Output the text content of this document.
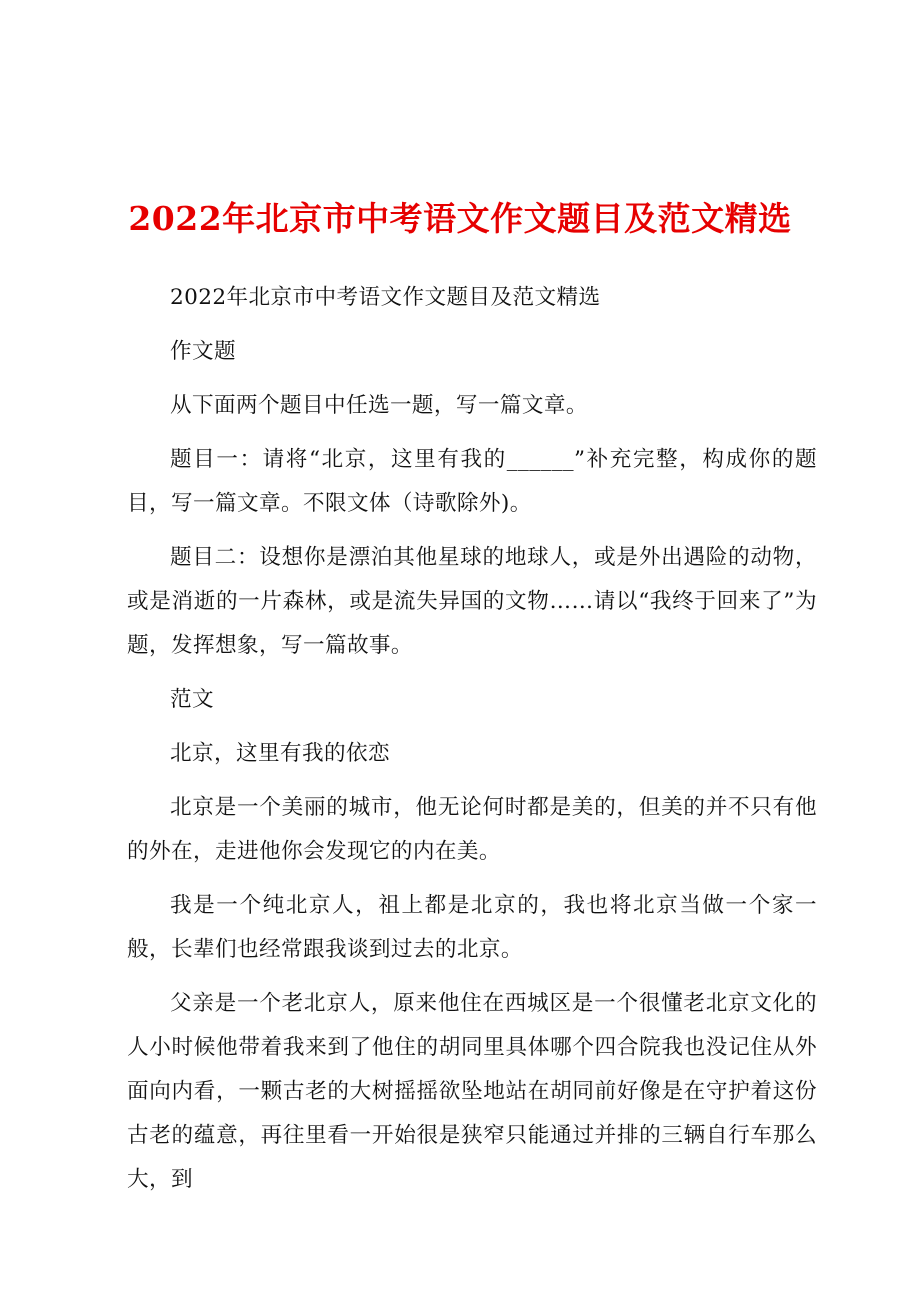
2022年北京市中考语文作文题目及范文精选

2022年北京市中考语文作文题目及范文精选

作文题

从下面两个题目中任选一题，写一篇文章。

题目一：请将“北京，这里有我的______”补充完整，构成你的题目，写一篇文章。不限文体（诗歌除外)。

题目二：设想你是漂泊其他星球的地球人，或是外出遇险的动物，或是消逝的一片森林，或是流失异国的文物……请以“我终于回来了”为题，发挥想象，写一篇故事。

范文

北京，这里有我的依恋

北京是一个美丽的城市，他无论何时都是美的，但美的并不只有他的外在，走进他你会发现它的内在美。

我是一个纯北京人，祖上都是北京的，我也将北京当做一个家一般，长辈们也经常跟我谈到过去的北京。

父亲是一个老北京人，原来他住在西城区是一个很懂老北京文化的人小时候他带着我来到了他住的胡同里具体哪个四合院我也没记住从外面向内看，一颗古老的大树摇摇欲坠地站在胡同前好像是在守护着这份古老的蕴意，再往里看一开始很是狭窄只能通过并排的三辆自行车那么大，到
